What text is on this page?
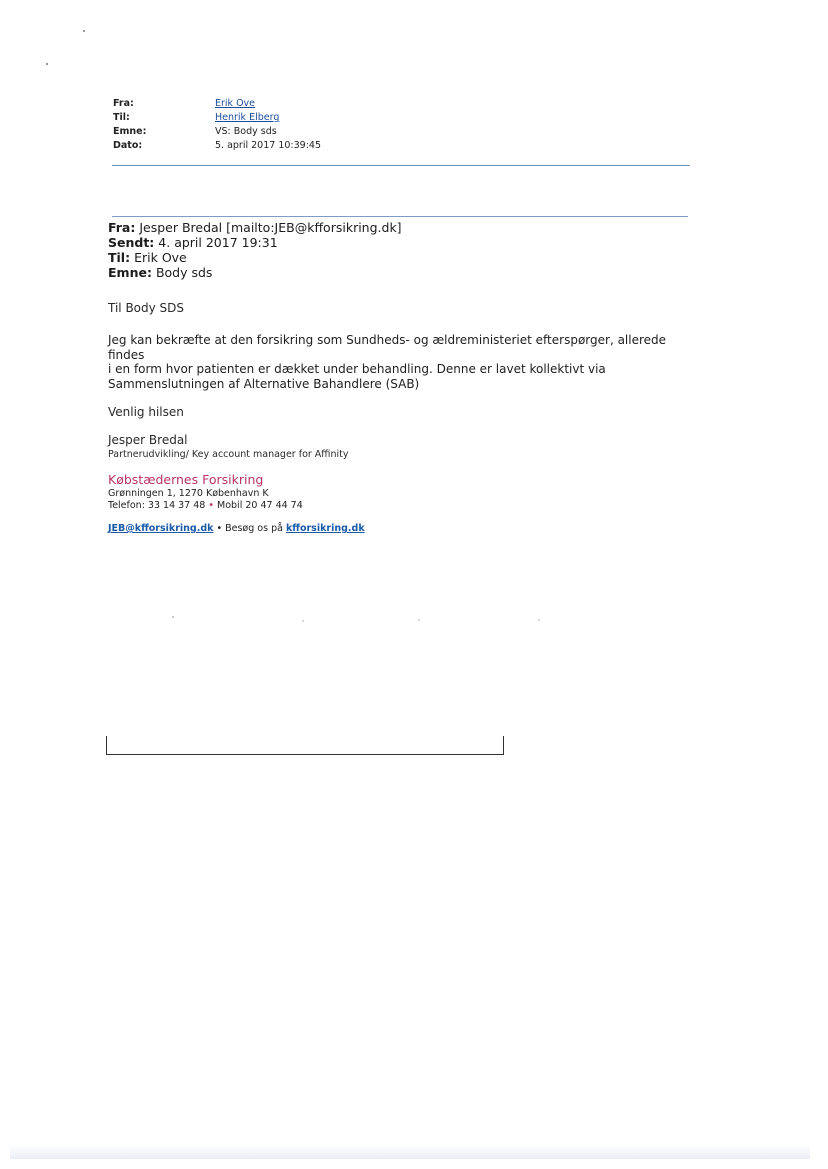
Fra:	Erik Ove
Til:	Henrik Elberg
Emne:	VS: Body sds
Dato:	5. april 2017 10:39:45
Fra: Jesper Bredal [mailto:JEB@kfforsikring.dk]
Sendt: 4. april 2017 19:31
Til: Erik Ove
Emne: Body sds
Til Body SDS
Jeg kan bekræfte at den forsikring som Sundheds- og ældreministeriet efterspørger, allerede findes
i en form hvor patienten er dækket under behandling. Denne er lavet kollektivt via
Sammenslutningen af Alternative Bahandlere (SAB)
Venlig hilsen
Jesper Bredal
Partnerudvikling/ Key account manager for Affinity
Købstædernes Forsikring
Grønningen 1, 1270 København K
Telefon: 33 14 37 48 • Mobil 20 47 44 74
JEB@kfforsikring.dk • Besøg os på kfforsikring.dk
